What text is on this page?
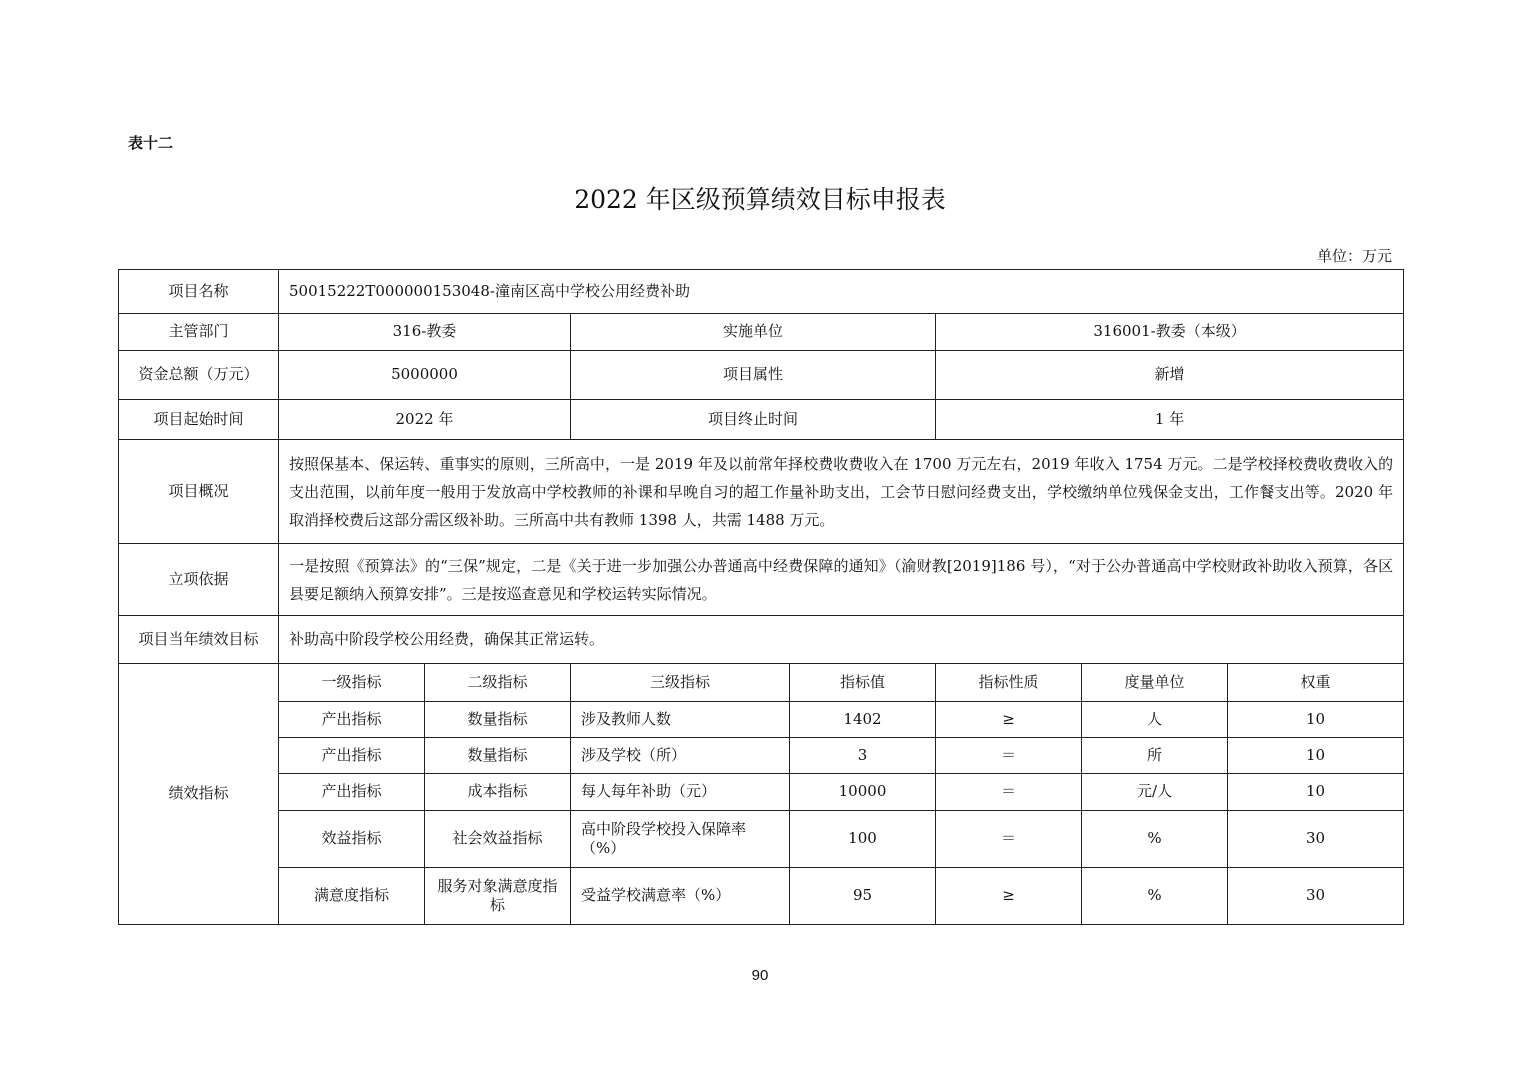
表十二
2022 年区级预算绩效目标申报表
单位：万元
项目名称	50015222T000000153048-潼南区高中学校公用经费补助						
主管部门	316-教委		实施单位		316001-教委（本级）		
资金总额（万元）	5000000		项目属性		新增		
项目起始时间	2022 年		项目终止时间		1 年		
项目概况	按照保基本、保运转、重事实的原则，三所高中，一是 2019 年及以前常年择校费收费收入在 1700 万元左右，2019 年收入 1754 万元。二是学校择校费收费收入的支出范围，以前年度一般用于发放高中学校教师的补课和早晚自习的超工作量补助支出，工会节日慰问经费支出，学校缴纳单位残保金支出，工作餐支出等。2020 年取消择校费后这部分需区级补助。三所高中共有教师 1398 人，共需 1488 万元。						
立项依据	一是按照《预算法》的“三保”规定，二是《关于进一步加强公办普通高中经费保障的通知》（渝财教[2019]186 号），“对于公办普通高中学校财政补助收入预算，各区县要足额纳入预算安排”。三是按巡查意见和学校运转实际情况。						
项目当年绩效目标	补助高中阶段学校公用经费，确保其正常运转。						
绩效指标	一级指标	二级指标	三级指标	指标值	指标性质	度量单位	权重
	产出指标	数量指标	涉及教师人数	1402	≥	人	10
	产出指标	数量指标	涉及学校（所）	3	＝	所	10
	产出指标	成本指标	每人每年补助（元）	10000	＝	元/人	10
	效益指标	社会效益指标	高中阶段学校投入保障率（%）	100	＝	%	30
	满意度指标	服务对象满意度指标	受益学校满意率（%）	95	≥	%	30
90
